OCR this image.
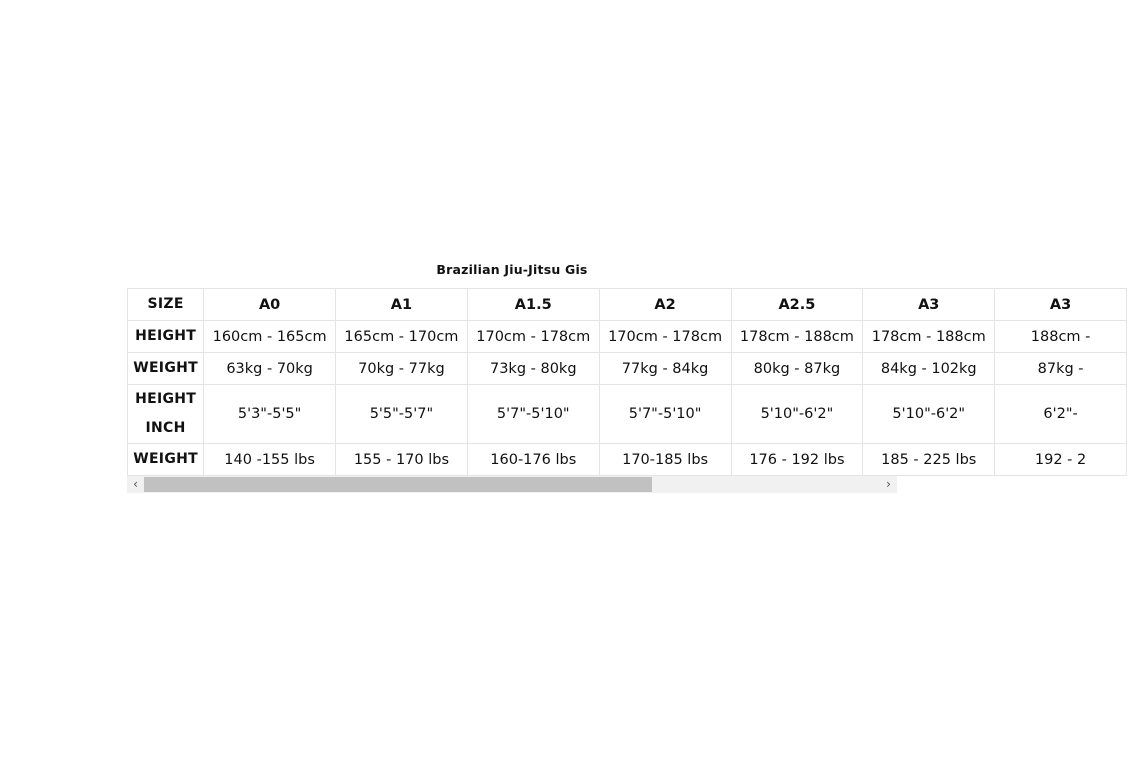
Brazilian Jiu-Jitsu Gis
SIZE	A0	A1	A1.5	A2	A2.5	A3	A3
HEIGHT	160cm - 165cm	165cm - 170cm	170cm - 178cm	170cm - 178cm	178cm - 188cm	178cm - 188cm	188cm -
WEIGHT	63kg - 70kg	70kg - 77kg	73kg - 80kg	77kg - 84kg	80kg - 87kg	84kg - 102kg	87kg -
HEIGHT INCH	5'3"-5'5"	5'5"-5'7"	5'7"-5'10"	5'7"-5'10"	5'10"-6'2"	5'10"-6'2"	6'2"-
WEIGHT	140 -155 lbs	155 - 170 lbs	160-176 lbs	170-185 lbs	176 - 192 lbs	185 - 225 lbs	192 - 2
‹	›
